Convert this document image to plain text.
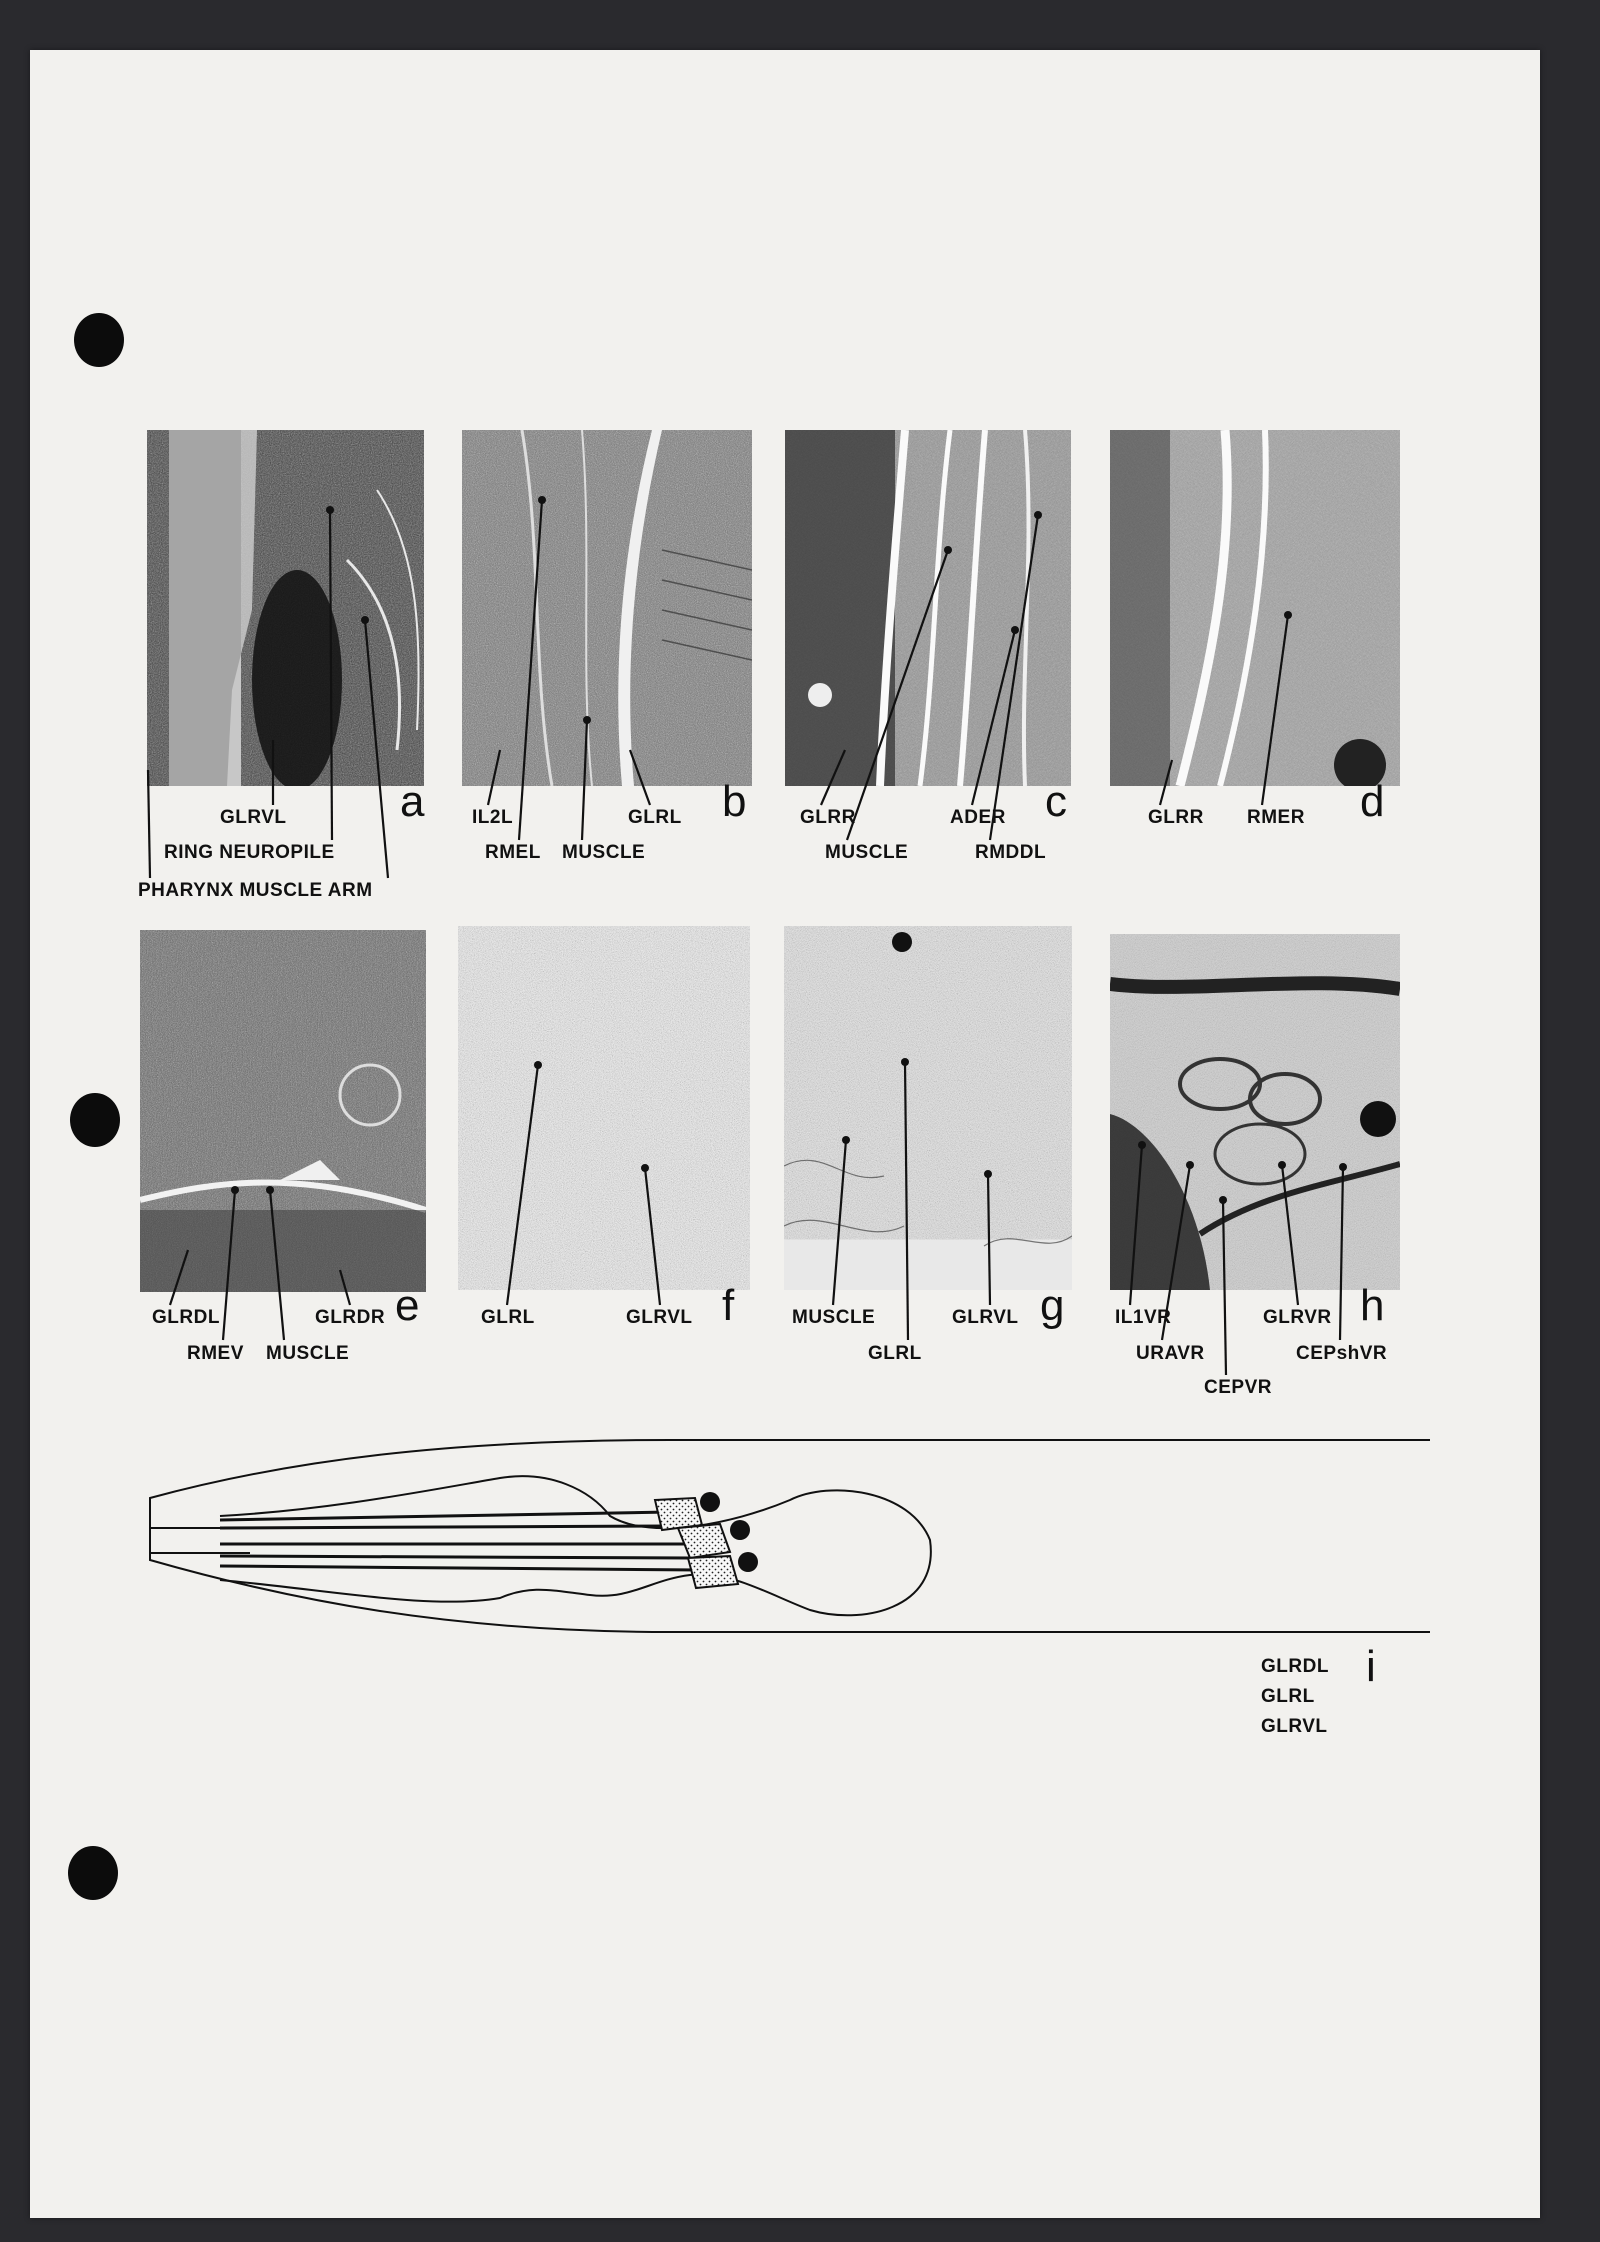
GLRVL
RING NEUROPILE
PHARYNX MUSCLE ARM
a	IL2L
RMEL MUSCLE
GLRL b	GLRR
MUSCLE
ADER
RMDDL
c	GLRR RMER d
GLRDL
RMEV MUSCLE
GLRDR e	GLRL	GLRVL f	MUSCLE
GLRL
GLRVL g	IL1VR
URAVR
CEPVR
GLRVR
CEPshVR
h
i
GLRDL
GLRL
GLRVL
